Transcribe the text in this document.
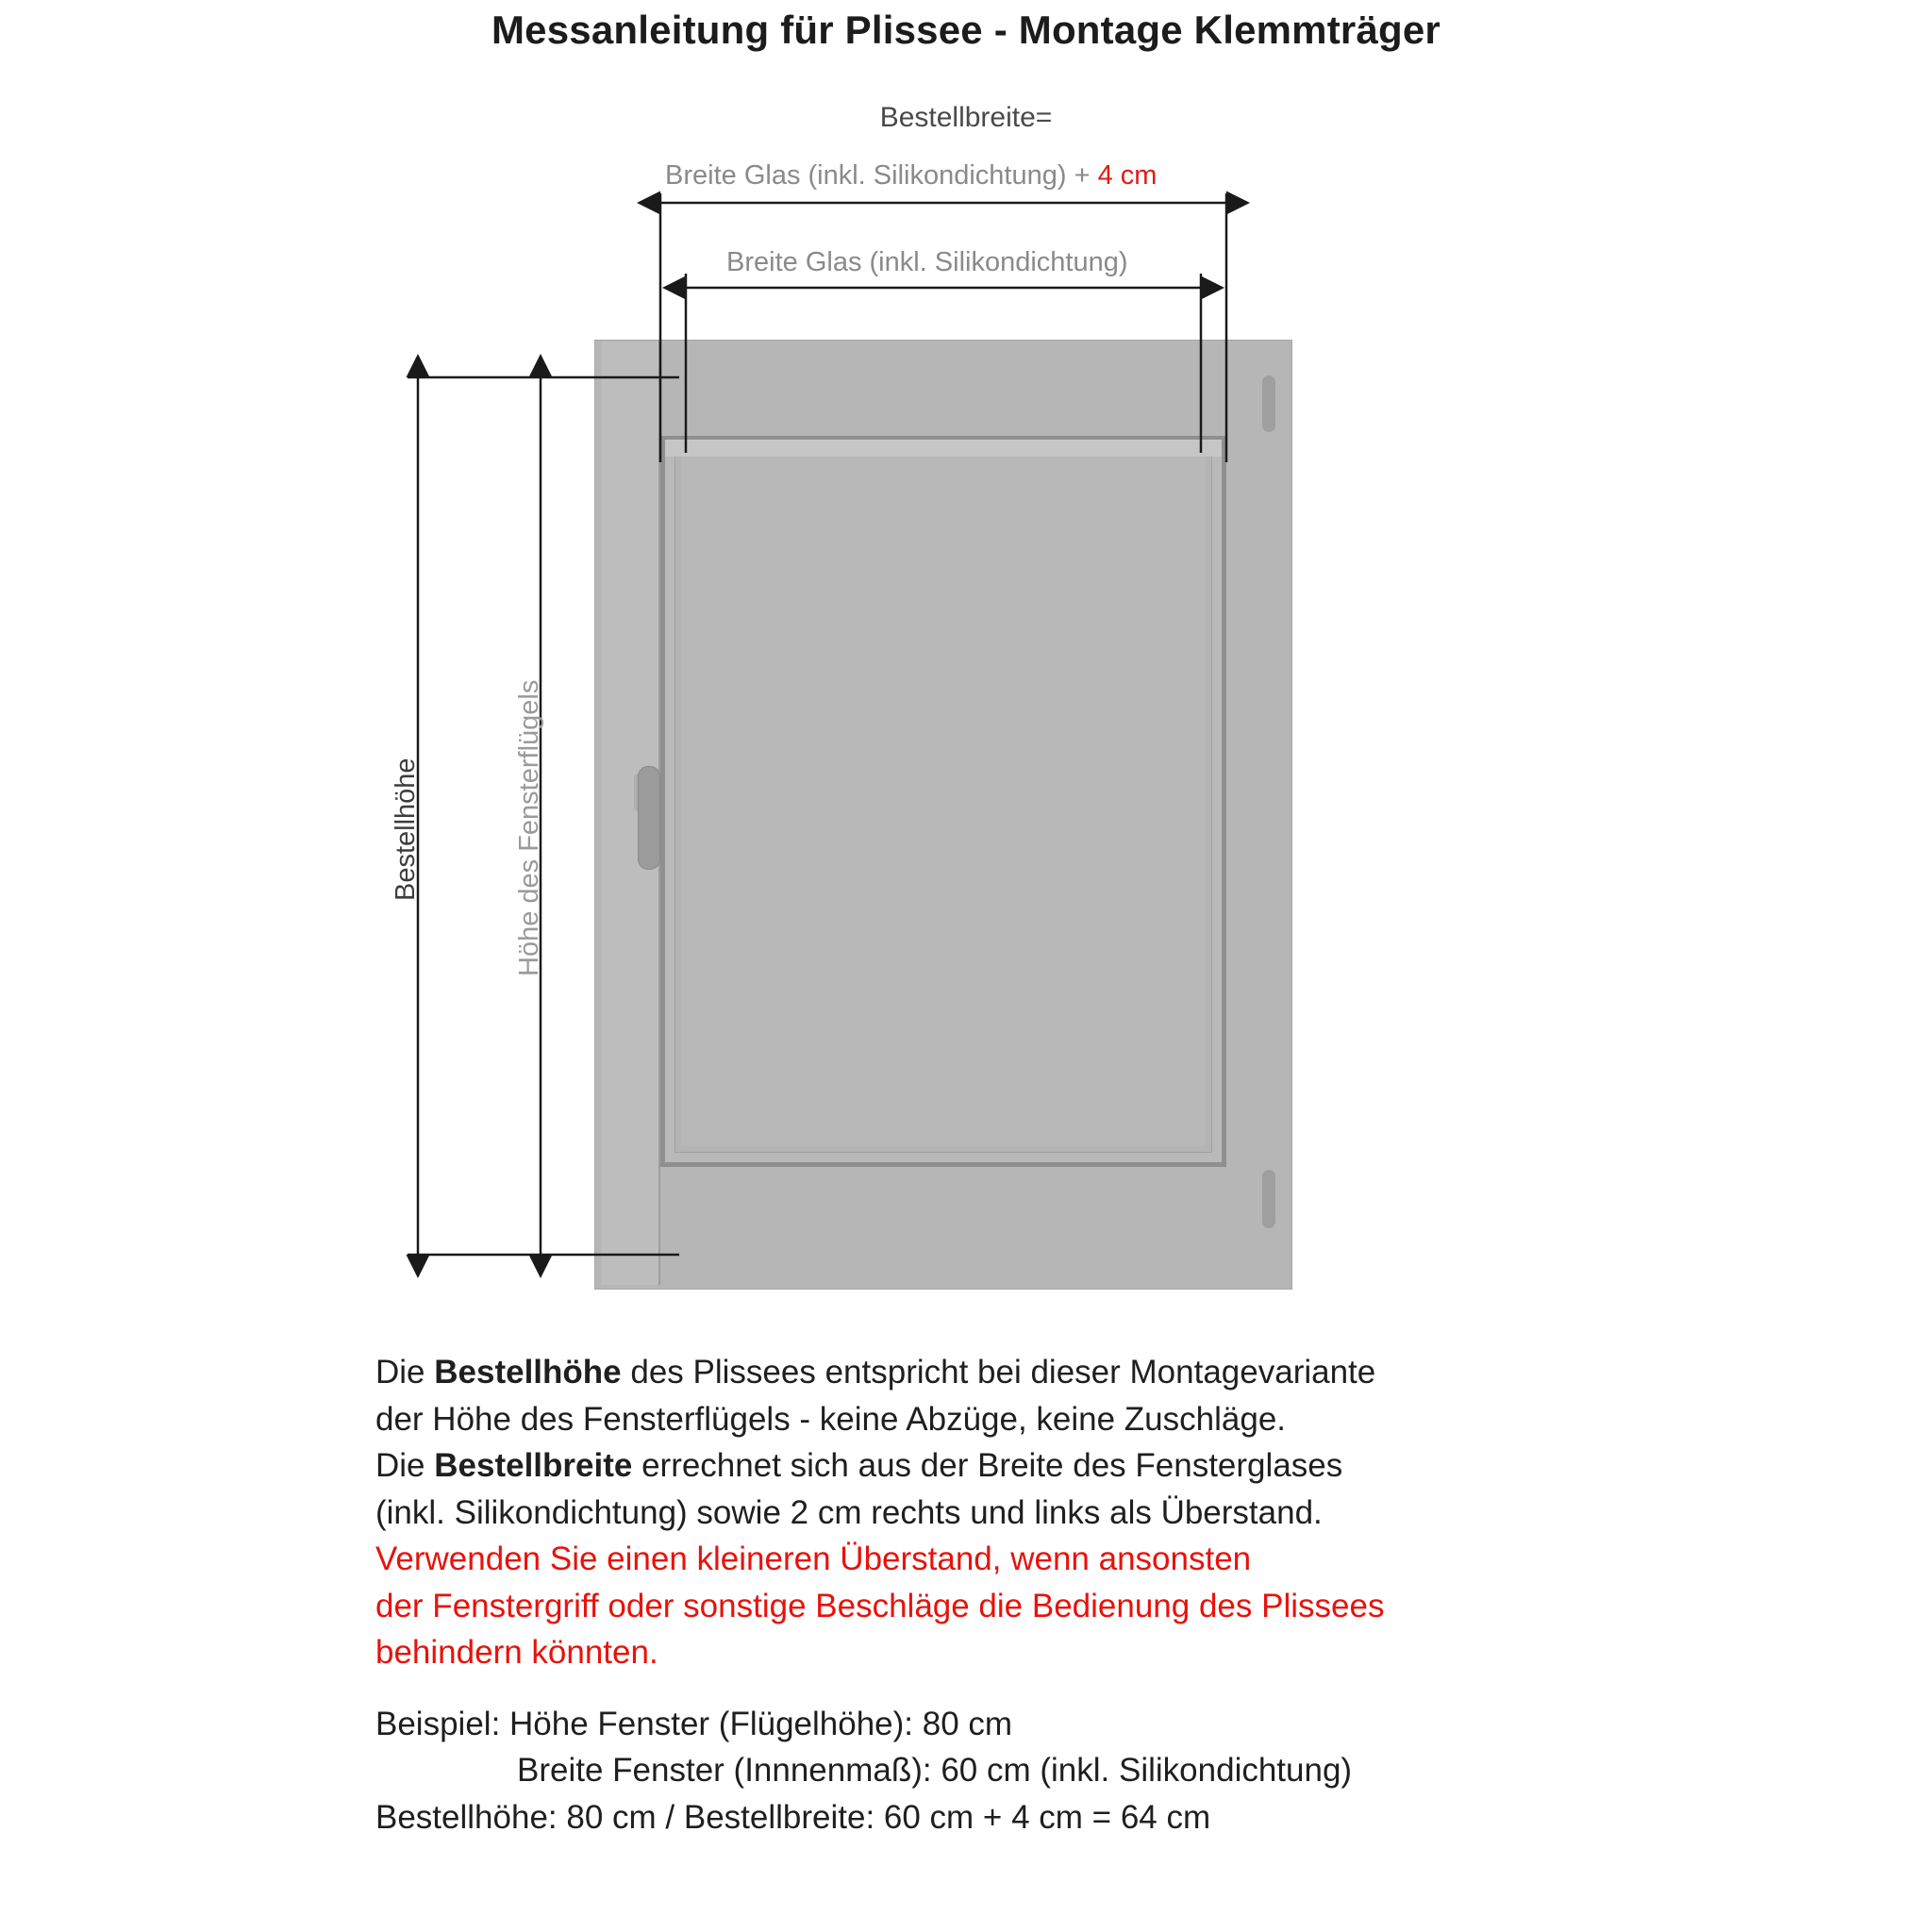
Messanleitung für Plissee - Montage Klemmträger
Bestellbreite=
Breite Glas (inkl. Silikondichtung) + 4 cm
Breite Glas (inkl. Silikondichtung)
Bestellhöhe	Höhe des Fensterflügels

Die Bestellhöhe des Plissees entspricht bei dieser Montagevariante

der Höhe des Fensterflügels - keine Abzüge, keine Zuschläge.

Die Bestellbreite errechnet sich aus der Breite des Fensterglases

(inkl. Silikondichtung) sowie 2 cm rechts und links als Überstand.

Verwenden Sie einen kleineren Überstand, wenn ansonsten

der Fenstergriff oder sonstige Beschläge die Bedienung des Plissees

behindern könnten.

Beispiel: Höhe Fenster (Flügelhöhe): 80 cm

Breite Fenster (Innnenmaß): 60 cm (inkl. Silikondichtung)

Bestellhöhe: 80 cm / Bestellbreite: 60 cm + 4 cm = 64 cm
